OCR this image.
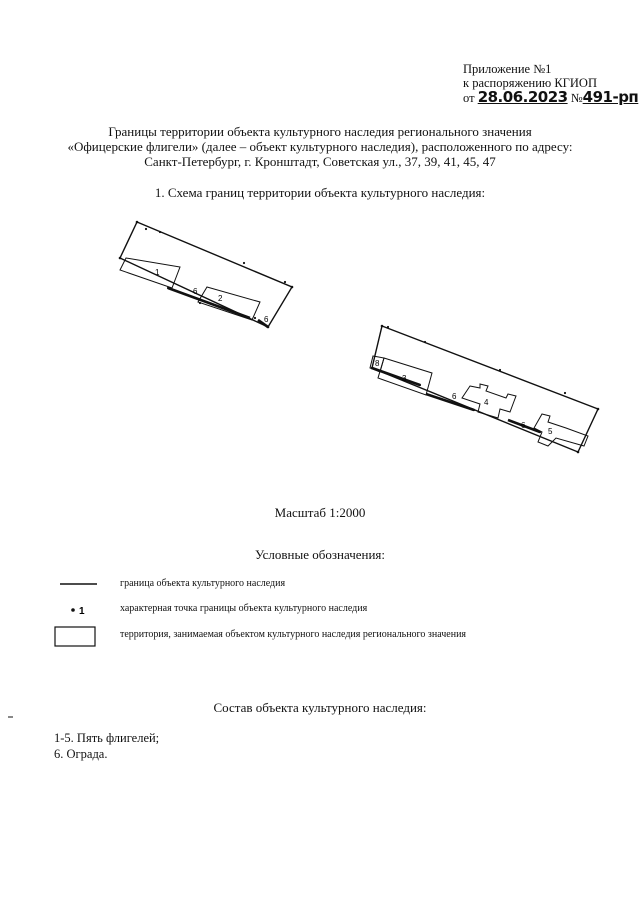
Приложение №1
к распоряжению КГИОП
от 28.06.2023 №491-рп
Границы территории объекта культурного наследия регионального значения
«Офицерские флигели» (далее – объект культурного наследия), расположенного по адресу:
Санкт-Петербург, г. Кронштадт, Советская ул., 37, 39, 41, 45, 47
1. Схема границ территории объекта культурного наследия:
1
2
6
6
8
3
6
4
6
5
1
Масштаб 1:2000
Условные обозначения:
граница объекта культурного наследия
характерная точка границы объекта культурного наследия
территория, занимаемая объектом культурного наследия регионального значения
Состав объекта культурного наследия:
1-5. Пять флигелей;
6. Ограда.
